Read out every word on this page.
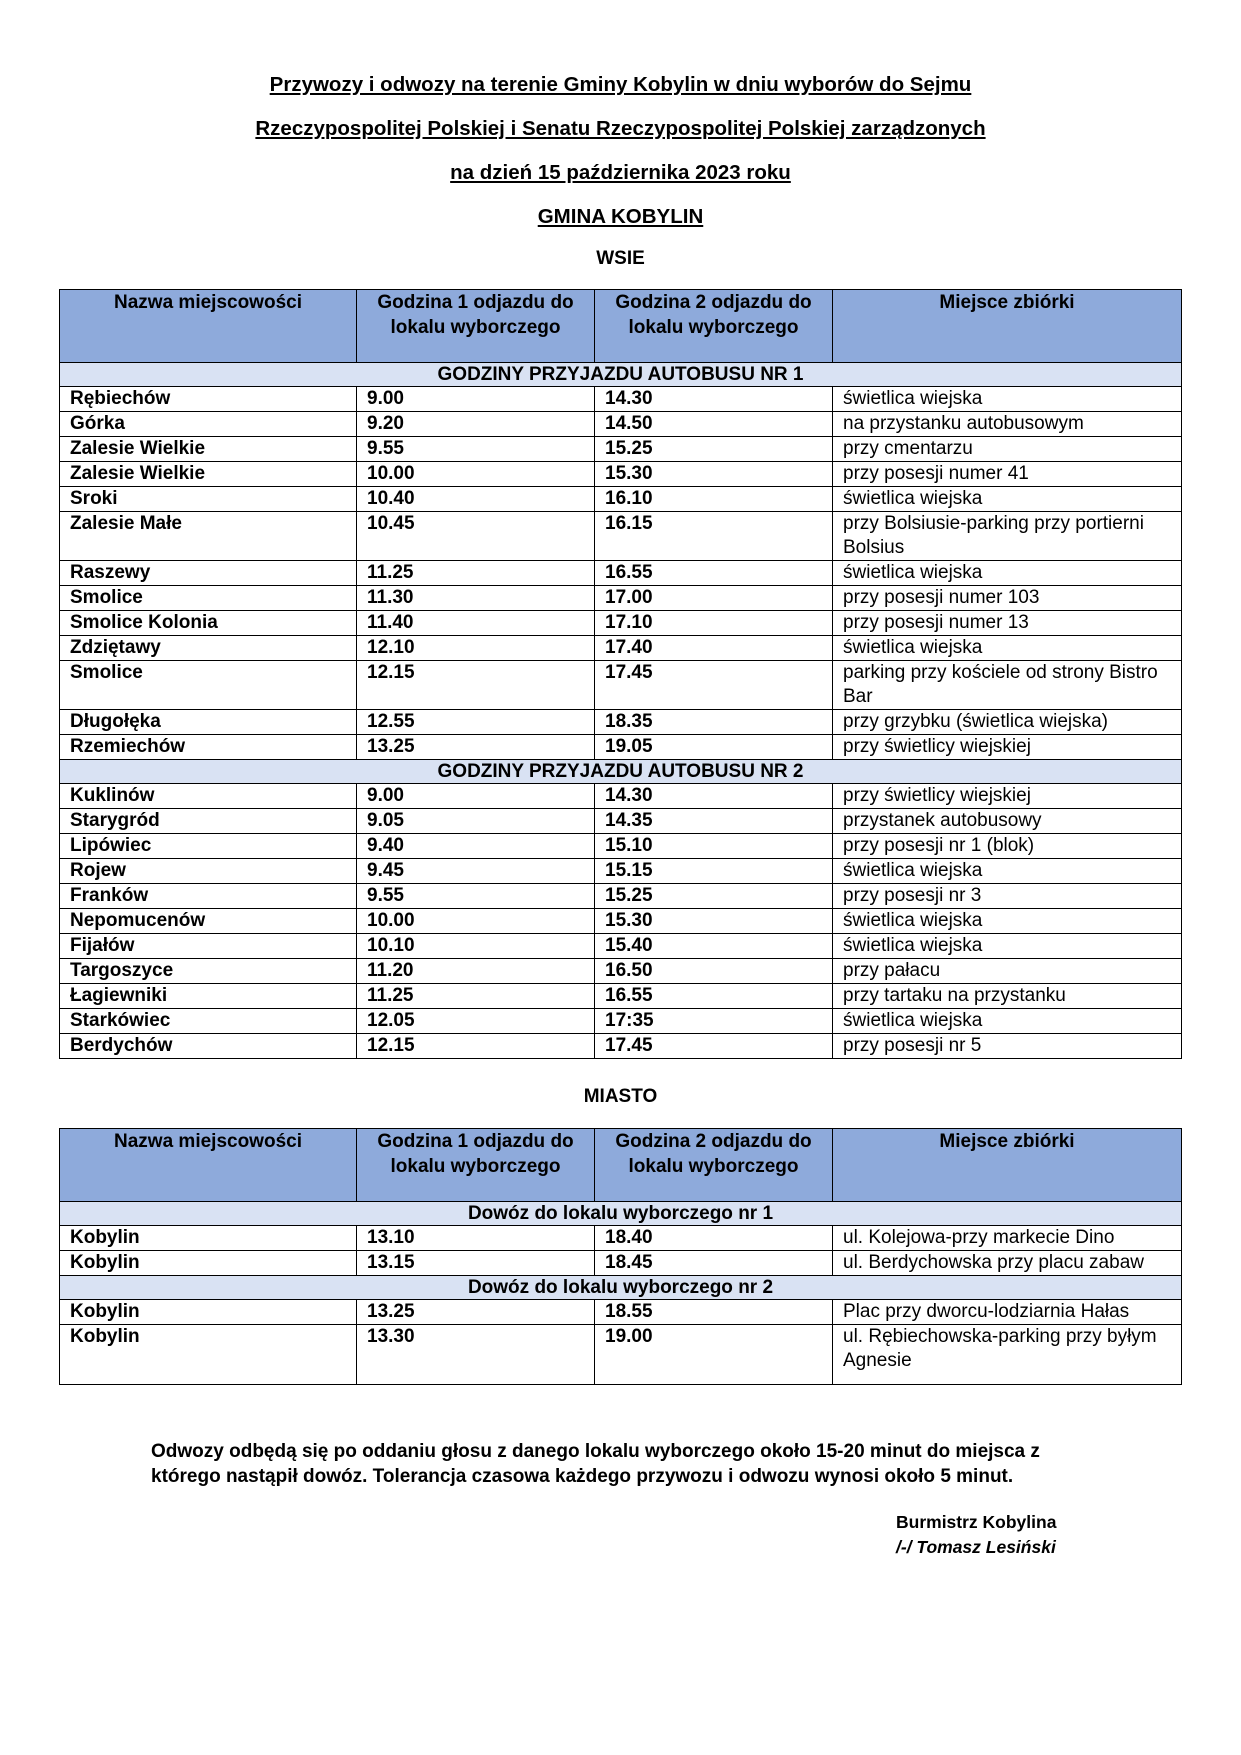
Przywozy i odwozy na terenie Gminy Kobylin w dniu wyborów do Sejmu
Rzeczypospolitej Polskiej i Senatu Rzeczypospolitej Polskiej zarządzonych
na dzień 15 października 2023 roku
GMINA KOBYLIN
WSIE
Nazwa miejscowości	Godzina 1 odjazdu do lokalu wyborczego	Godzina 2 odjazdu do lokalu wyborczego	Miejsce zbiórki
GODZINY PRZYJAZDU AUTOBUSU NR 1			
Rębiechów	9.00	14.30	świetlica wiejska
Górka	9.20	14.50	na przystanku autobusowym
Zalesie Wielkie	9.55	15.25	przy cmentarzu
Zalesie Wielkie	10.00	15.30	przy posesji numer 41
Sroki	10.40	16.10	świetlica wiejska
Zalesie Małe	10.45	16.15	przy Bolsiusie-parking przy portierni Bolsius
Raszewy	11.25	16.55	świetlica wiejska
Smolice	11.30	17.00	przy posesji numer 103
Smolice Kolonia	11.40	17.10	przy posesji numer 13
Zdziętawy	12.10	17.40	świetlica wiejska
Smolice	12.15	17.45	parking przy kościele od strony Bistro Bar
Długołęka	12.55	18.35	przy grzybku (świetlica wiejska)
Rzemiechów	13.25	19.05	przy świetlicy wiejskiej
GODZINY PRZYJAZDU AUTOBUSU NR 2			
Kuklinów	9.00	14.30	przy świetlicy wiejskiej
Starygród	9.05	14.35	przystanek autobusowy
Lipówiec	9.40	15.10	przy posesji nr 1 (blok)
Rojew	9.45	15.15	świetlica wiejska
Franków	9.55	15.25	przy posesji nr 3
Nepomucenów	10.00	15.30	świetlica wiejska
Fijałów	10.10	15.40	świetlica wiejska
Targoszyce	11.20	16.50	przy pałacu
Łagiewniki	11.25	16.55	przy tartaku na przystanku
Starkówiec	12.05	17:35	świetlica wiejska
Berdychów	12.15	17.45	przy posesji nr 5
MIASTO
Nazwa miejscowości	Godzina 1 odjazdu do lokalu wyborczego	Godzina 2 odjazdu do lokalu wyborczego	Miejsce zbiórki
Dowóz do lokalu wyborczego nr 1			
Kobylin	13.10	18.40	ul. Kolejowa-przy markecie Dino
Kobylin	13.15	18.45	ul. Berdychowska przy placu zabaw
Dowóz do lokalu wyborczego nr 2			
Kobylin	13.25	18.55	Plac przy dworcu-lodziarnia Hałas
Kobylin	13.30	19.00	ul. Rębiechowska-parking przy byłym Agnesie
Odwozy odbędą się po oddaniu głosu z danego lokalu wyborczego około 15-20 minut do miejsca z którego nastąpił dowóz. Tolerancja czasowa każdego przywozu i odwozu wynosi około 5 minut.
Burmistrz Kobylina
/-/ Tomasz Lesiński
